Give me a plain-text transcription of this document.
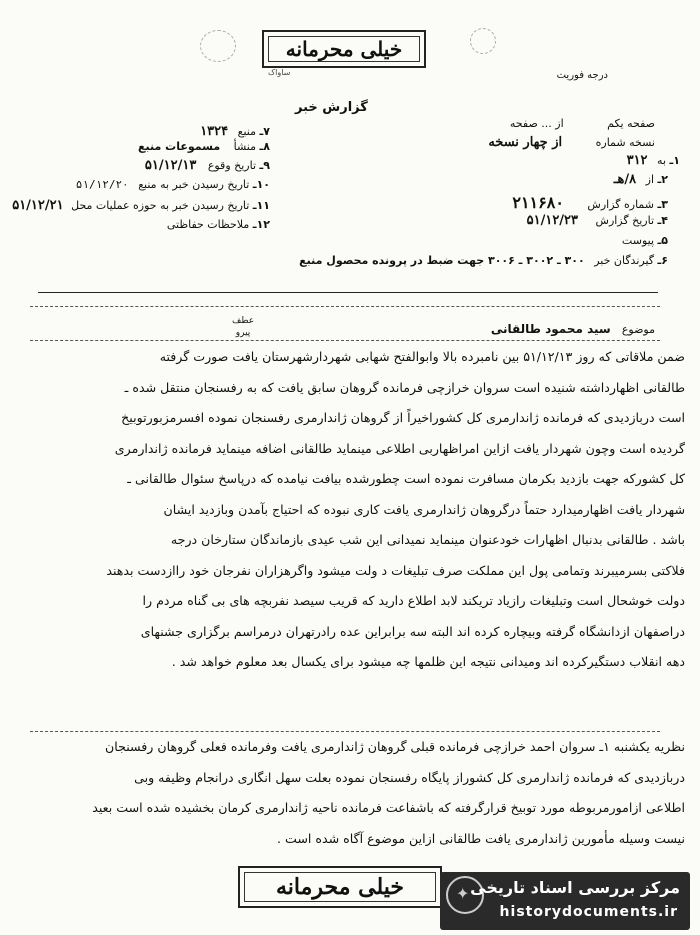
خیلی محرمانه
ساواک	درجه فوریت
گزارش خبر
۷ـ منبع ۱۳۲۴
۸ـ منشأ مسموعات منبع
۹ـ تاریخ وقوع ۵۱/۱۲/۱۳
۱۰ـ تاریخ رسیدن خبر به منبع ۵۱/۱۲/۲۰
۱۱ـ تاریخ رسیدن خبر به حوزه عملیات محل ۵۱/۱۲/۲۱
۱۲ـ ملاحظات حفاظتی
صفحه یکم از ... صفحه
نسخه شماره از چهار نسخه
۱ـ به ۳۱۲
۲ـ از ۸/هـ
۳ـ شماره گزارش ۲۱۱۶۸۰
۴ـ تاریخ گزارش ۵۱/۱۲/۲۳
۵ـ پیوست
۶ـ گیرندگان خبر ۳۰۰ ـ ۳۰۰۲ ـ ۳۰۰۶ جهت ضبط در پرونده محصول منبع
موضوع سید محمود طالقانی
عطف
پیرو

ضمن ملاقاتی که روز ۵۱/۱۲/۱۳ بین نامبرده بالا وابوالفتح شهابی شهردارشهرستان یافت صورت گرفته

طالقانی اظهارداشته شنیده است سروان خرازچی فرمانده گروهان سابق یافت که به رفسنجان منتقل شده ـ

است دربازدیدی که فرمانده ژاندارمری کل کشوراخیراً از گروهان ژاندارمری رفسنجان نموده افسرمزبورتوبیخ

گردیده است وچون شهردار یافت ازاین امراظهاربی اطلاعی مینماید طالقانی اضافه مینماید فرمانده ژاندارمری

کل کشورکه جهت بازدید بکرمان مسافرت نموده است چطورشده بیافت نیامده که درپاسخ سئوال طالقانی ـ

شهردار یافت اظهارمیدارد حتماً درگروهان ژاندارمری یافت کاری نبوده که احتیاج بآمدن وبازدید ایشان

باشد . طالقانی بدنبال اظهارات خودعنوان مینماید نمیدانی این شب عیدی بازماندگان ستارخان درجه

فلاکتی بسرمیبرند وتمامی پول این مملکت صرف تبلیغات د ولت میشود واگرهزاران نفرجان خود راازدست بدهند

دولت خوشحال است وتبلیغات رازیاد تریکند لابد اطلاع دارید که قریب سیصد نفربچه های بی گناه مردم را

دراصفهان ازدانشگاه گرفته وبیچاره کرده اند البته سه برابراین عده رادرتهران درمراسم برگزاری جشنهای

دهه انقلاب دستگیرکرده اند ومیدانی نتیجه این ظلمها چه میشود برای یکسال بعد معلوم خواهد شد .

نظریه یکشنبه ۱ـ سروان احمد خرازچی فرمانده قبلی گروهان ژاندارمری یافت وفرمانده فعلی گروهان رفسنجان

دربازدیدی که فرمانده ژاندارمری کل کشوراز پایگاه رفسنجان نموده بعلت سهل انگاری درانجام وظیفه وبی

اطلاعی ازامورمربوطه مورد توبیخ قرارگرفته که باشفاعت فرمانده ناحیه ژاندارمری کرمان بخشیده شده است بعید

نیست وسیله مأمورین ژاندارمری یافت طالقانی ازاین موضوع آگاه شده است .

خیلی محرمانه	✦ مرکز بررسی اسناد تاریخی
historydocuments.ir
